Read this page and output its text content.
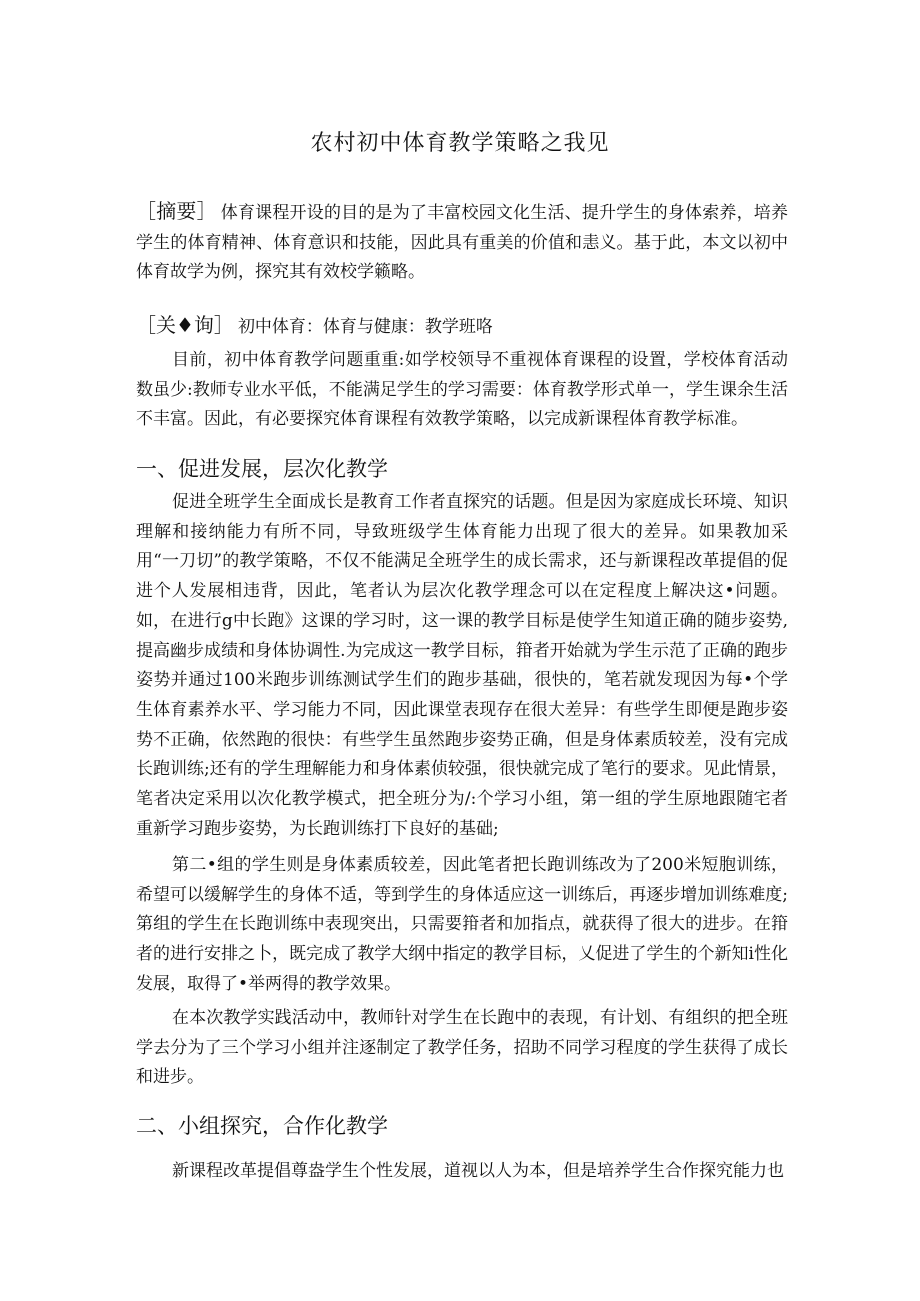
农村初中体育教学策略之我见
［摘要］ 体育课程开设的目的是为了丰富校园文化生活、提升学生的身体索养，培养学生的体育精神、体育意识和技能，因此具有重美的价值和恚义。基于此，本文以初中体育故学为例，探究其有效校学籁略。
［关♦询］ 初中体育：体育与健康：教学班咯
目前，初中体育教学问题重重:如学校领导不重视体育课程的设置，学校体育活动数虽少:教师专业水平低，不能满足学生的学习需要：体育教学形式单一，学生课余生活不丰富。因此，有必要探究体育课程有效教学策略，以完成新课程体育教学标准。
一、促进发展，层次化教学
促进全班学生全面成长是教育工作者直探究的话题。但是因为家庭成长环境、知识理解和接纳能力有所不同，导致班级学生体育能力出现了很大的差异。如果教加采用“一刀切”的教学策略，不仅不能满足全班学生的成长需求，还与新课程改革提倡的促进个人发展相违背，因此，笔者认为层次化教学理念可以在定程度上解决这•问题。如，在进行g中长跑》这课的学习时，这一课的教学目标是使学生知道正确的随步姿势,提高幽步成绩和身体协调性.为完成这一教学目标，箝者开始就为学生示范了正确的跑步姿势并通过100米跑步训练测试学生们的跑步基础，很快的，笔若就发现因为每•个学生体育素养水平、学习能力不同，因此课堂表现存在很大差异：有些学生即便是跑步姿势不正确，依然跑的很快：有些学生虽然跑步姿势正确，但是身体素质较差，没有完成长跑训练;还有的学生理解能力和身体素侦较强，很快就完成了笔行的要求。见此情景，笔者决定采用以次化教学模式，把全班分为/:个学习小组，第一组的学生原地跟随宅者重新学习跑步姿势，为长跑训练打下良好的基础;
第二•组的学生则是身体素质较差，因此笔者把长跑训练改为了200米短胞训练，希望可以缓解学生的身体不适，等到学生的身体适应这一训练后，再逐步增加训练难度;第组的学生在长跑训练中表现突出，只需要箝者和加指点，就获得了很大的进步。在箝者的进行安排之卜，既完成了教学大纲中指定的教学目标，乂促进了学生的个新知i性化发展，取得了•举两得的教学效果。
在本次教学实践活动中，教师针对学生在长跑中的表现，有计划、有组织的把全班学去分为了三个学习小组并注逐制定了教学任务，招助不同学习程度的学生获得了成长和进步。
二、小组探究，合作化教学
新课程改革提倡尊盎学生个性发展，道视以人为本，但是培养学生合作探究能力也
